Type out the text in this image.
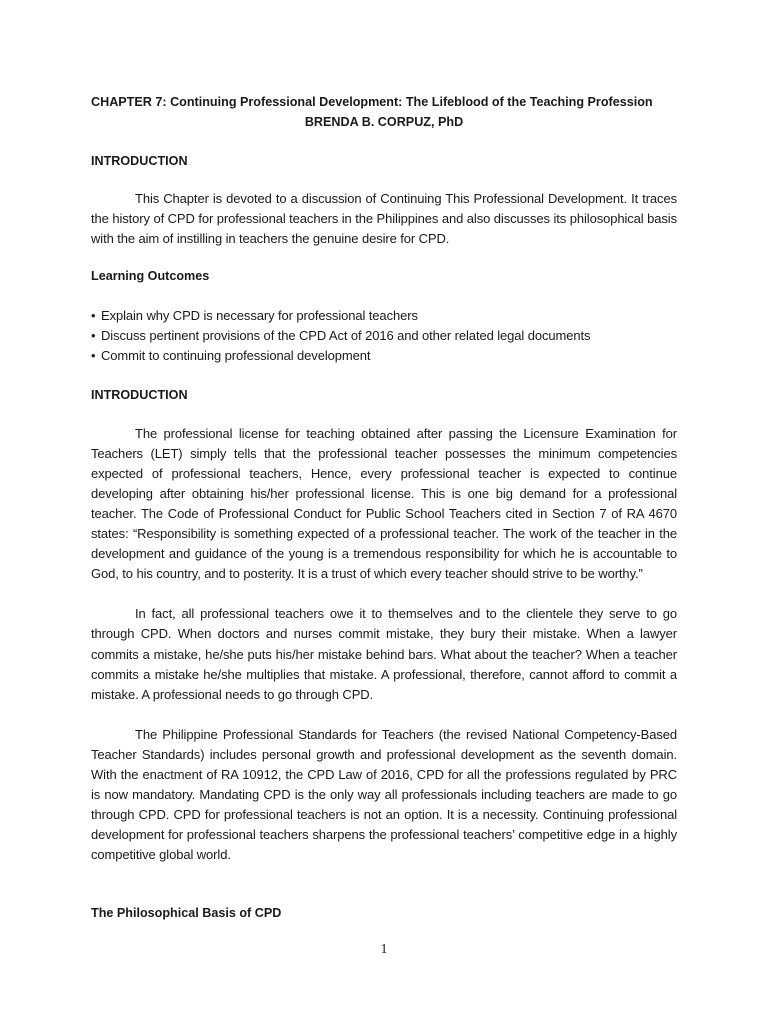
CHAPTER 7: Continuing Professional Development: The Lifeblood of the Teaching Profession

BRENDA B. CORPUZ, PhD

INTRODUCTION

This Chapter is devoted to a discussion of Continuing This Professional Development. It traces the history of CPD for professional teachers in the Philippines and also discusses its philosophical basis with the aim of instilling in teachers the genuine desire for CPD.

Learning Outcomes

• Explain why CPD is necessary for professional teachers
• Discuss pertinent provisions of the CPD Act of 2016 and other related legal documents
• Commit to continuing professional development

INTRODUCTION

The professional license for teaching obtained after passing the Licensure Examination for Teachers (LET) simply tells that the professional teacher possesses the minimum competencies expected of professional teachers, Hence, every professional teacher is expected to continue developing after obtaining his/her professional license. This is one big demand for a professional teacher. The Code of Professional Conduct for Public School Teachers cited in Section 7 of RA 4670 states: “Responsibility is something expected of a professional teacher. The work of the teacher in the development and guidance of the young is a tremendous responsibility for which he is accountable to God, to his country, and to posterity. It is a trust of which every teacher should strive to be worthy.”

In fact, all professional teachers owe it to themselves and to the clientele they serve to go through CPD. When doctors and nurses commit mistake, they bury their mistake. When a lawyer commits a mistake, he/she puts his/her mistake behind bars. What about the teacher? When a teacher commits a mistake he/she multiplies that mistake. A professional, therefore, cannot afford to commit a mistake. A professional needs to go through CPD.

The Philippine Professional Standards for Teachers (the revised National Competency-Based Teacher Standards) includes personal growth and professional development as the seventh domain. With the enactment of RA 10912, the CPD Law of 2016, CPD for all the professions regulated by PRC is now mandatory. Mandating CPD is the only way all professionals including teachers are made to go through CPD. CPD for professional teachers is not an option. It is a necessity. Continuing professional development for professional teachers sharpens the professional teachers’ competitive edge in a highly competitive global world.

The Philosophical Basis of CPD

1
